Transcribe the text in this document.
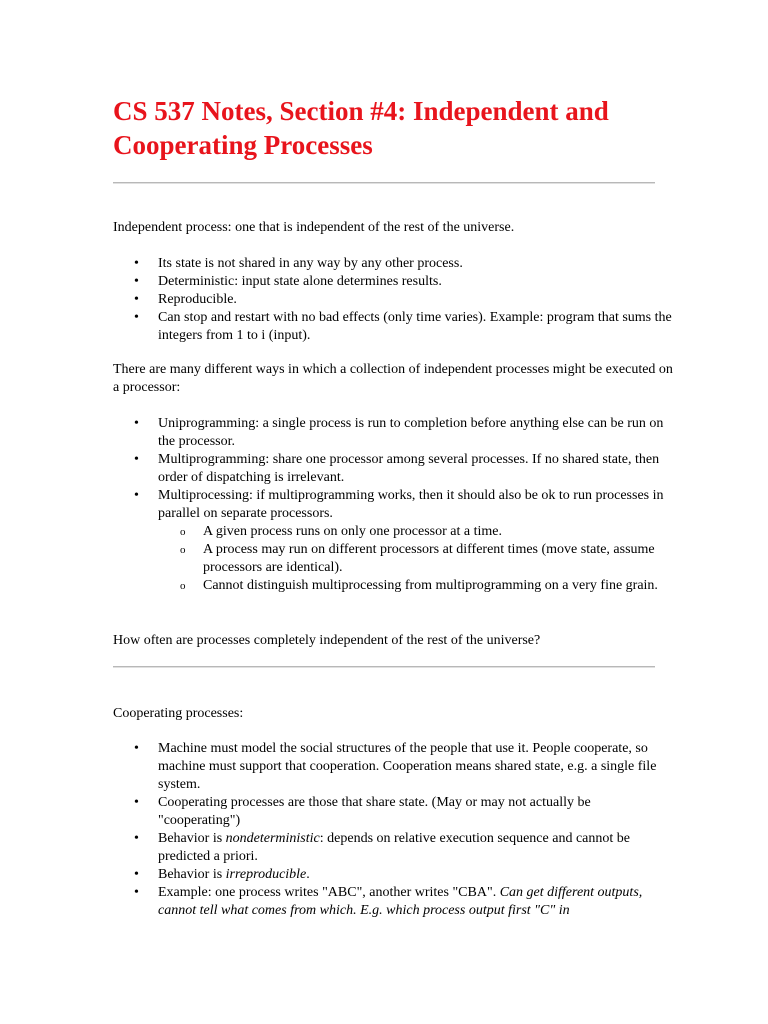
CS 537 Notes, Section #4: Independent and Cooperating Processes

Independent process: one that is independent of the rest of the universe.

• Its state is not shared in any way by any other process.
• Deterministic: input state alone determines results.
• Reproducible.
• Can stop and restart with no bad effects (only time varies). Example: program that sums the integers from 1 to i (input).

There are many different ways in which a collection of independent processes might be executed on a processor:

• Uniprogramming: a single process is run to completion before anything else can be run on the processor.
• Multiprogramming: share one processor among several processes. If no shared state, then order of dispatching is irrelevant.
• Multiprocessing: if multiprogramming works, then it should also be ok to run processes in parallel on separate processors.
o A given process runs on only one processor at a time.
o A process may run on different processors at different times (move state, assume processors are identical).
o Cannot distinguish multiprocessing from multiprogramming on a very fine grain.

How often are processes completely independent of the rest of the universe?

Cooperating processes:

• Machine must model the social structures of the people that use it. People cooperate, so machine must support that cooperation. Cooperation means shared state, e.g. a single file system.
• Cooperating processes are those that share state. (May or may not actually be "cooperating")
• Behavior is nondeterministic: depends on relative execution sequence and cannot be predicted a priori.
• Behavior is irreproducible.
• Example: one process writes "ABC", another writes "CBA". Can get different outputs, cannot tell what comes from which. E.g. which process output first "C" in
